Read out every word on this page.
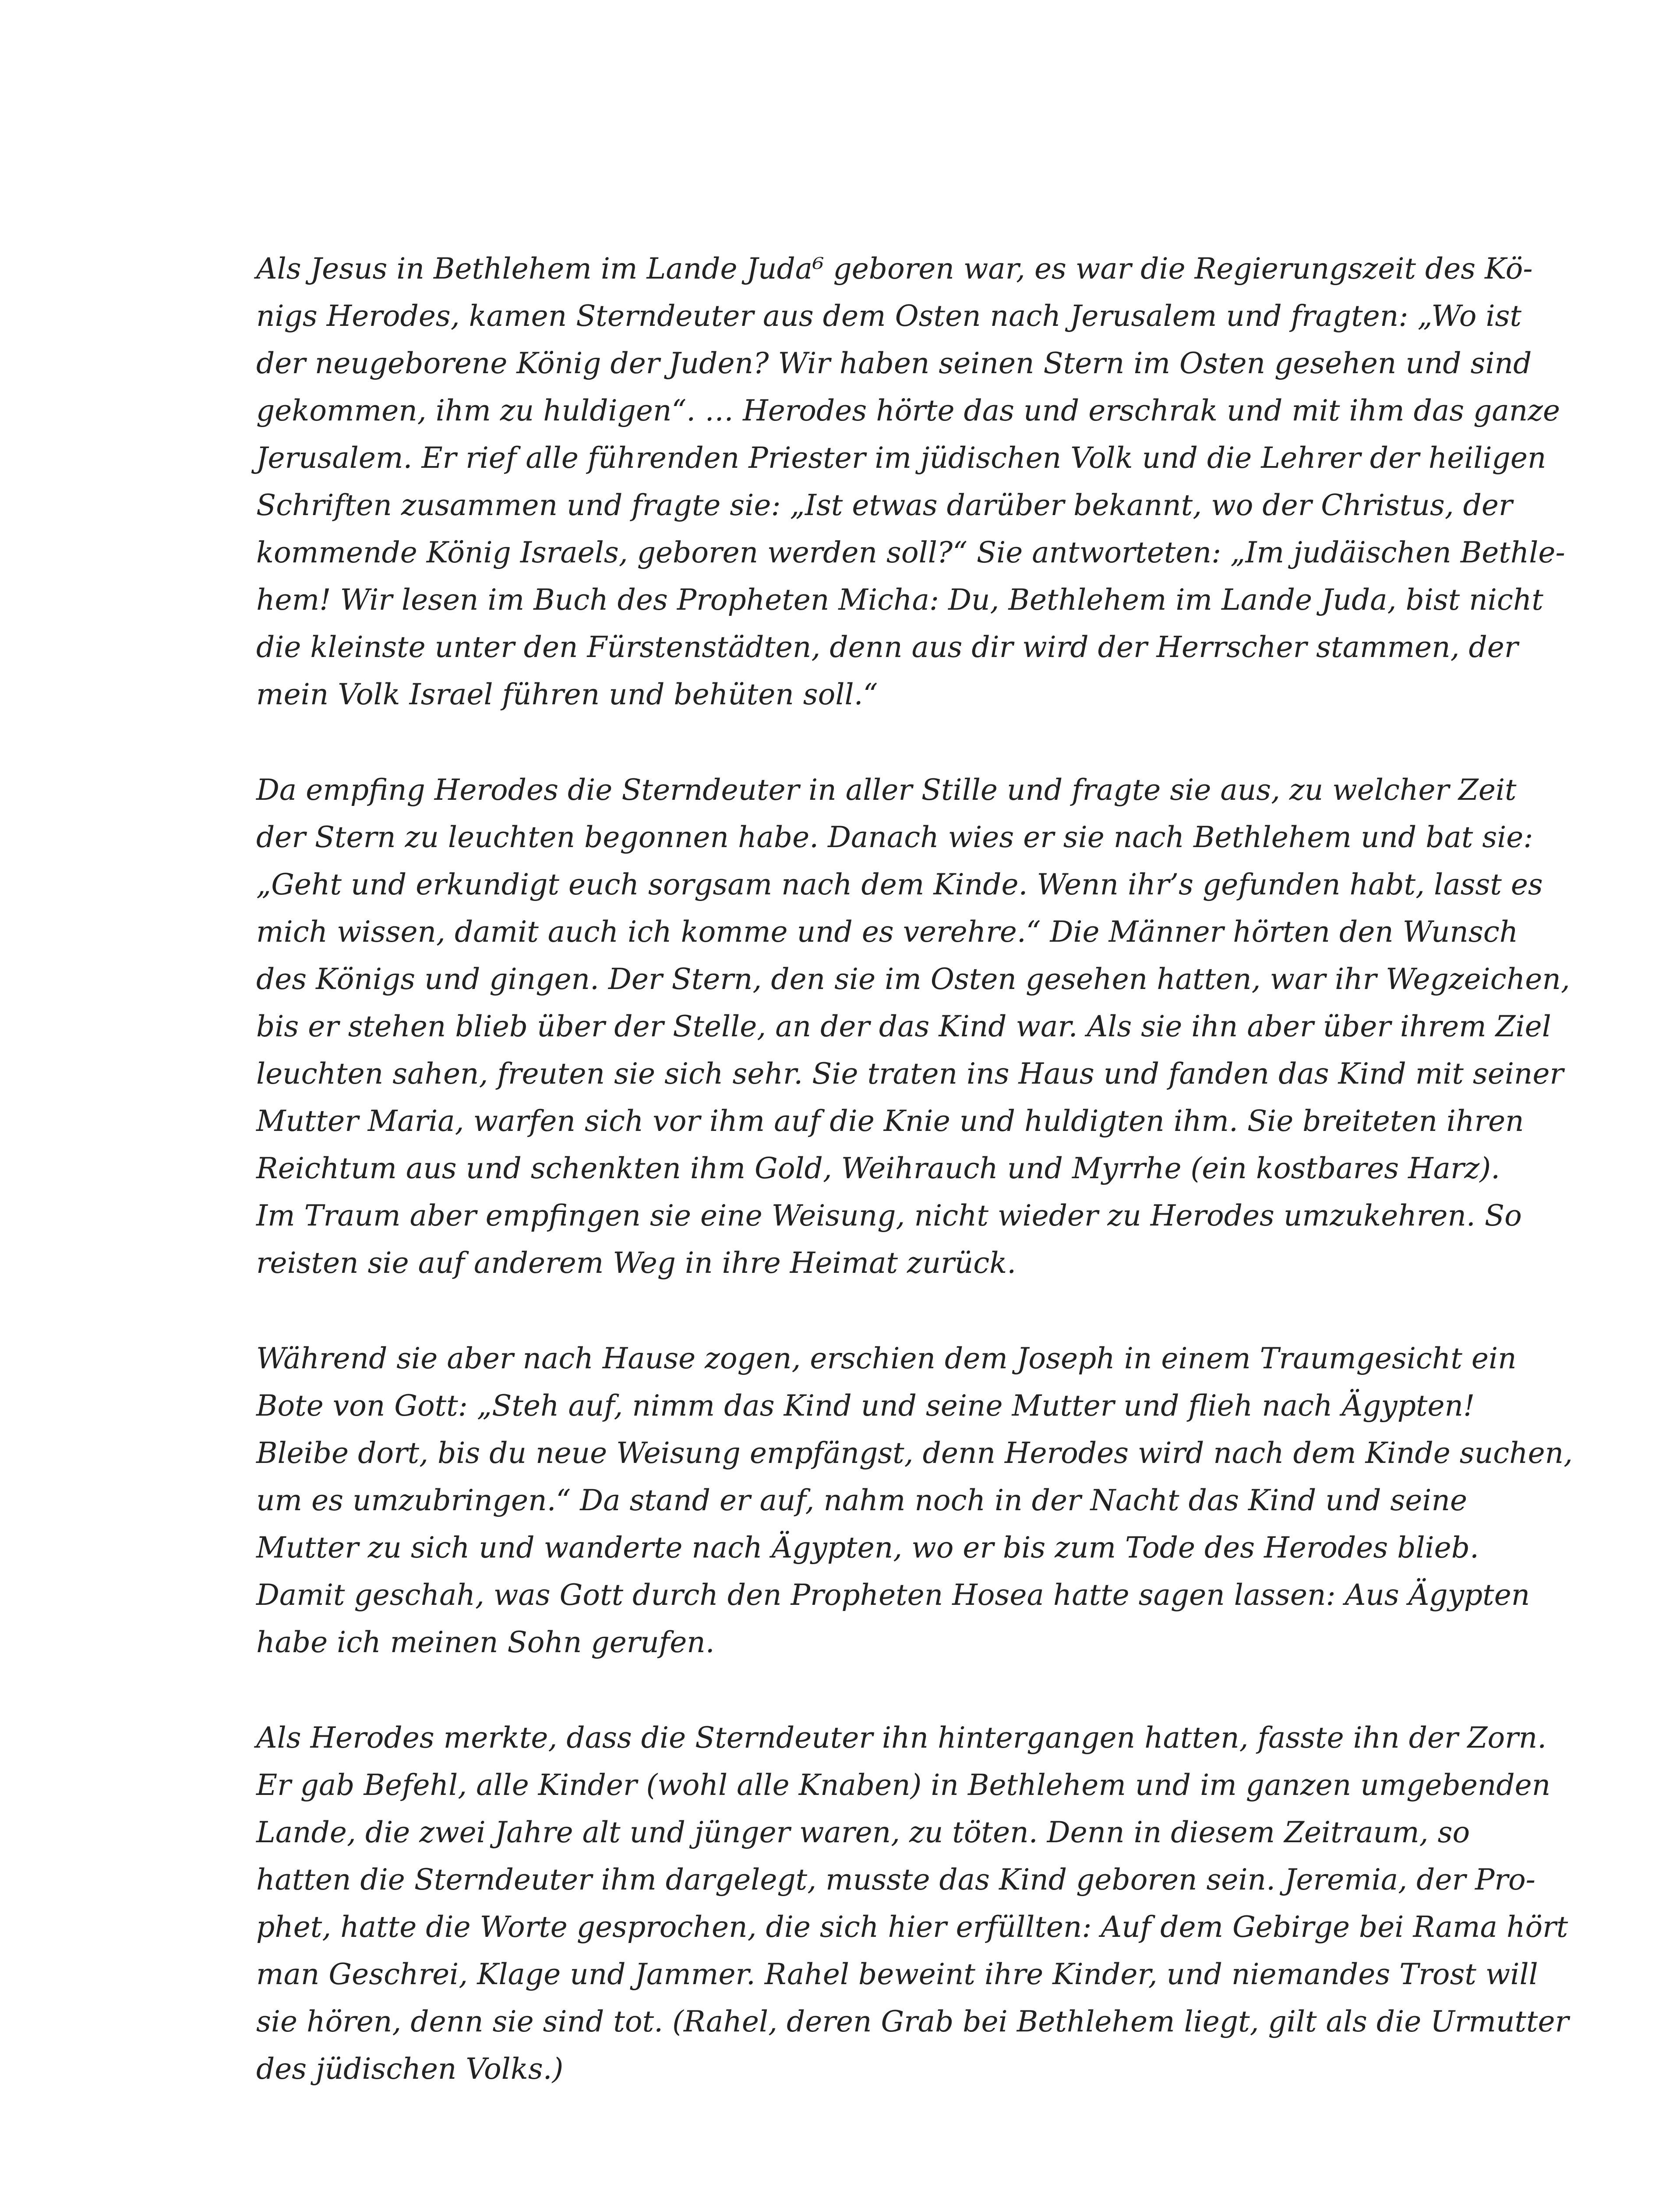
Als Jesus in Bethlehem im Lande Juda⁶ geboren war, es war die Regierungszeit des Kö-
nigs Herodes, kamen Sterndeuter aus dem Osten nach Jerusalem und fragten: „Wo ist
der neugeborene König der Juden? Wir haben seinen Stern im Osten gesehen und sind
gekommen, ihm zu huldigen“. … Herodes hörte das und erschrak und mit ihm das ganze
Jerusalem. Er rief alle führenden Priester im jüdischen Volk und die Lehrer der heiligen
Schriften zusammen und fragte sie: „Ist etwas darüber bekannt, wo der Christus, der
kommende König Israels, geboren werden soll?“ Sie antworteten: „Im judäischen Bethle-
hem! Wir lesen im Buch des Propheten Micha: Du, Bethlehem im Lande Juda, bist nicht
die kleinste unter den Fürstenstädten, denn aus dir wird der Herrscher stammen, der
mein Volk Israel führen und behüten soll.“
Da empfing Herodes die Sterndeuter in aller Stille und fragte sie aus, zu welcher Zeit
der Stern zu leuchten begonnen habe. Danach wies er sie nach Bethlehem und bat sie:
„Geht und erkundigt euch sorgsam nach dem Kinde. Wenn ihr’s gefunden habt, lasst es
mich wissen, damit auch ich komme und es verehre.“ Die Männer hörten den Wunsch
des Königs und gingen. Der Stern, den sie im Osten gesehen hatten, war ihr Wegzeichen,
bis er stehen blieb über der Stelle, an der das Kind war. Als sie ihn aber über ihrem Ziel
leuchten sahen, freuten sie sich sehr. Sie traten ins Haus und fanden das Kind mit seiner
Mutter Maria, warfen sich vor ihm auf die Knie und huldigten ihm. Sie breiteten ihren
Reichtum aus und schenkten ihm Gold, Weihrauch und Myrrhe (ein kostbares Harz).
Im Traum aber empfingen sie eine Weisung, nicht wieder zu Herodes umzukehren. So
reisten sie auf anderem Weg in ihre Heimat zurück.
Während sie aber nach Hause zogen, erschien dem Joseph in einem Traumgesicht ein
Bote von Gott: „Steh auf, nimm das Kind und seine Mutter und flieh nach Ägypten!
Bleibe dort, bis du neue Weisung empfängst, denn Herodes wird nach dem Kinde suchen,
um es umzubringen.“ Da stand er auf, nahm noch in der Nacht das Kind und seine
Mutter zu sich und wanderte nach Ägypten, wo er bis zum Tode des Herodes blieb.
Damit geschah, was Gott durch den Propheten Hosea hatte sagen lassen: Aus Ägypten
habe ich meinen Sohn gerufen.
Als Herodes merkte, dass die Sterndeuter ihn hintergangen hatten, fasste ihn der Zorn.
Er gab Befehl, alle Kinder (wohl alle Knaben) in Bethlehem und im ganzen umgebenden
Lande, die zwei Jahre alt und jünger waren, zu töten. Denn in diesem Zeitraum, so
hatten die Sterndeuter ihm dargelegt, musste das Kind geboren sein. Jeremia, der Pro-
phet, hatte die Worte gesprochen, die sich hier erfüllten: Auf dem Gebirge bei Rama hört
man Geschrei, Klage und Jammer. Rahel beweint ihre Kinder, und niemandes Trost will
sie hören, denn sie sind tot. (Rahel, deren Grab bei Bethlehem liegt, gilt als die Urmutter
des jüdischen Volks.)
